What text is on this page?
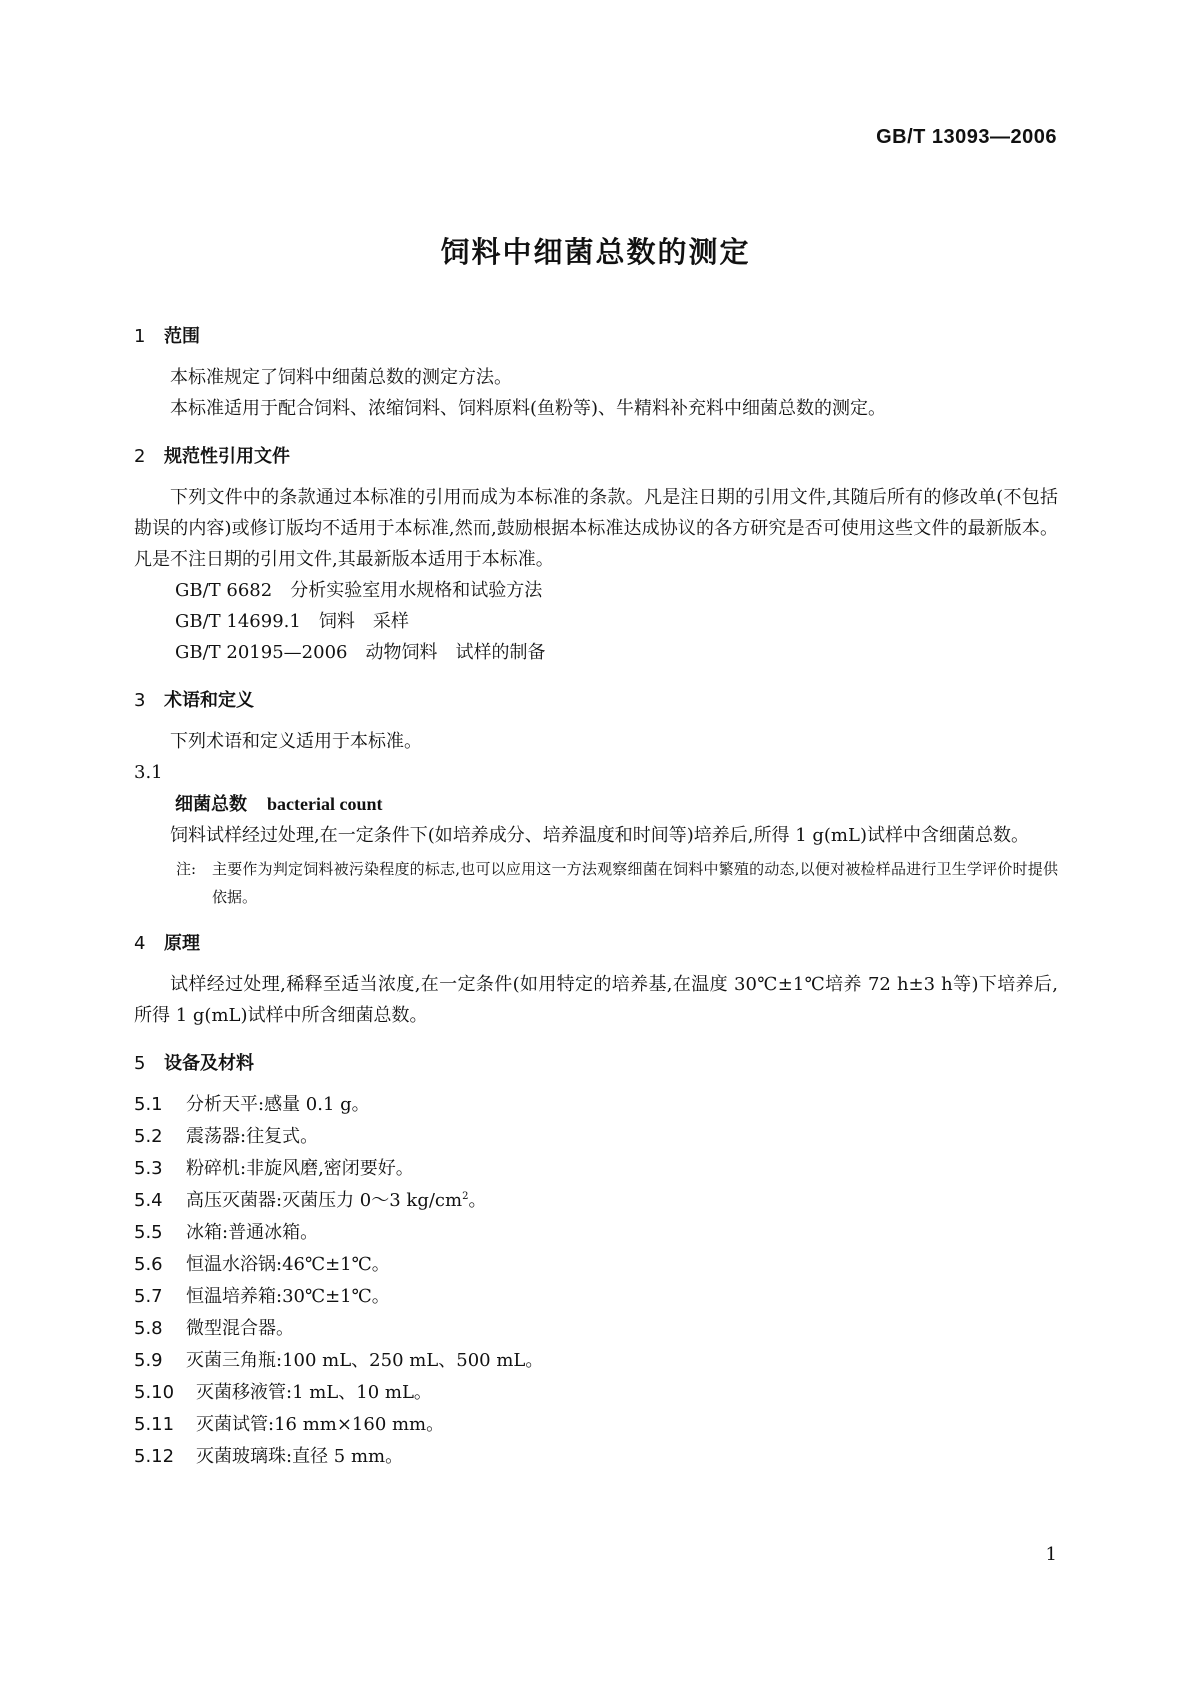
GB/T 13093—2006
饲料中细菌总数的测定
1 范围

本标准规定了饲料中细菌总数的测定方法。

本标准适用于配合饲料、浓缩饲料、饲料原料(鱼粉等)、牛精料补充料中细菌总数的测定。

2 规范性引用文件

下列文件中的条款通过本标准的引用而成为本标准的条款。凡是注日期的引用文件,其随后所有的修改单(不包括勘误的内容)或修订版均不适用于本标准,然而,鼓励根据本标准达成协议的各方研究是否可使用这些文件的最新版本。凡是不注日期的引用文件,其最新版本适用于本标准。

GB/T 6682　分析实验室用水规格和试验方法
GB/T 14699.1　饲料　采样
GB/T 20195—2006　动物饲料　试样的制备
3 术语和定义

下列术语和定义适用于本标准。

3.1
细菌总数 bacterial count

饲料试样经过处理,在一定条件下(如培养成分、培养温度和时间等)培养后,所得 1 g(mL)试样中含细菌总数。

注:	主要作为判定饲料被污染程度的标志,也可以应用这一方法观察细菌在饲料中繁殖的动态,以便对被检样品进行卫生学评价时提供依据。
4 原理

试样经过处理,稀释至适当浓度,在一定条件(如用特定的培养基,在温度 30℃±1℃培养 72 h±3 h等)下培养后,所得 1 g(mL)试样中所含细菌总数。

5 设备及材料
5.1 分析天平:感量 0.1 g。
5.2 震荡器:往复式。
5.3 粉碎机:非旋风磨,密闭要好。
5.4 高压灭菌器:灭菌压力 0～3 $kg/cm^2$。
5.5 冰箱:普通冰箱。
5.6 恒温水浴锅:46℃±1℃。
5.7 恒温培养箱:30℃±1℃。
5.8 微型混合器。
5.9 灭菌三角瓶:100 mL、250 mL、500 mL。
5.10 灭菌移液管:1 mL、10 mL。
5.11 灭菌试管:16 mm×160 mm。
5.12 灭菌玻璃珠:直径 5 mm。
1
